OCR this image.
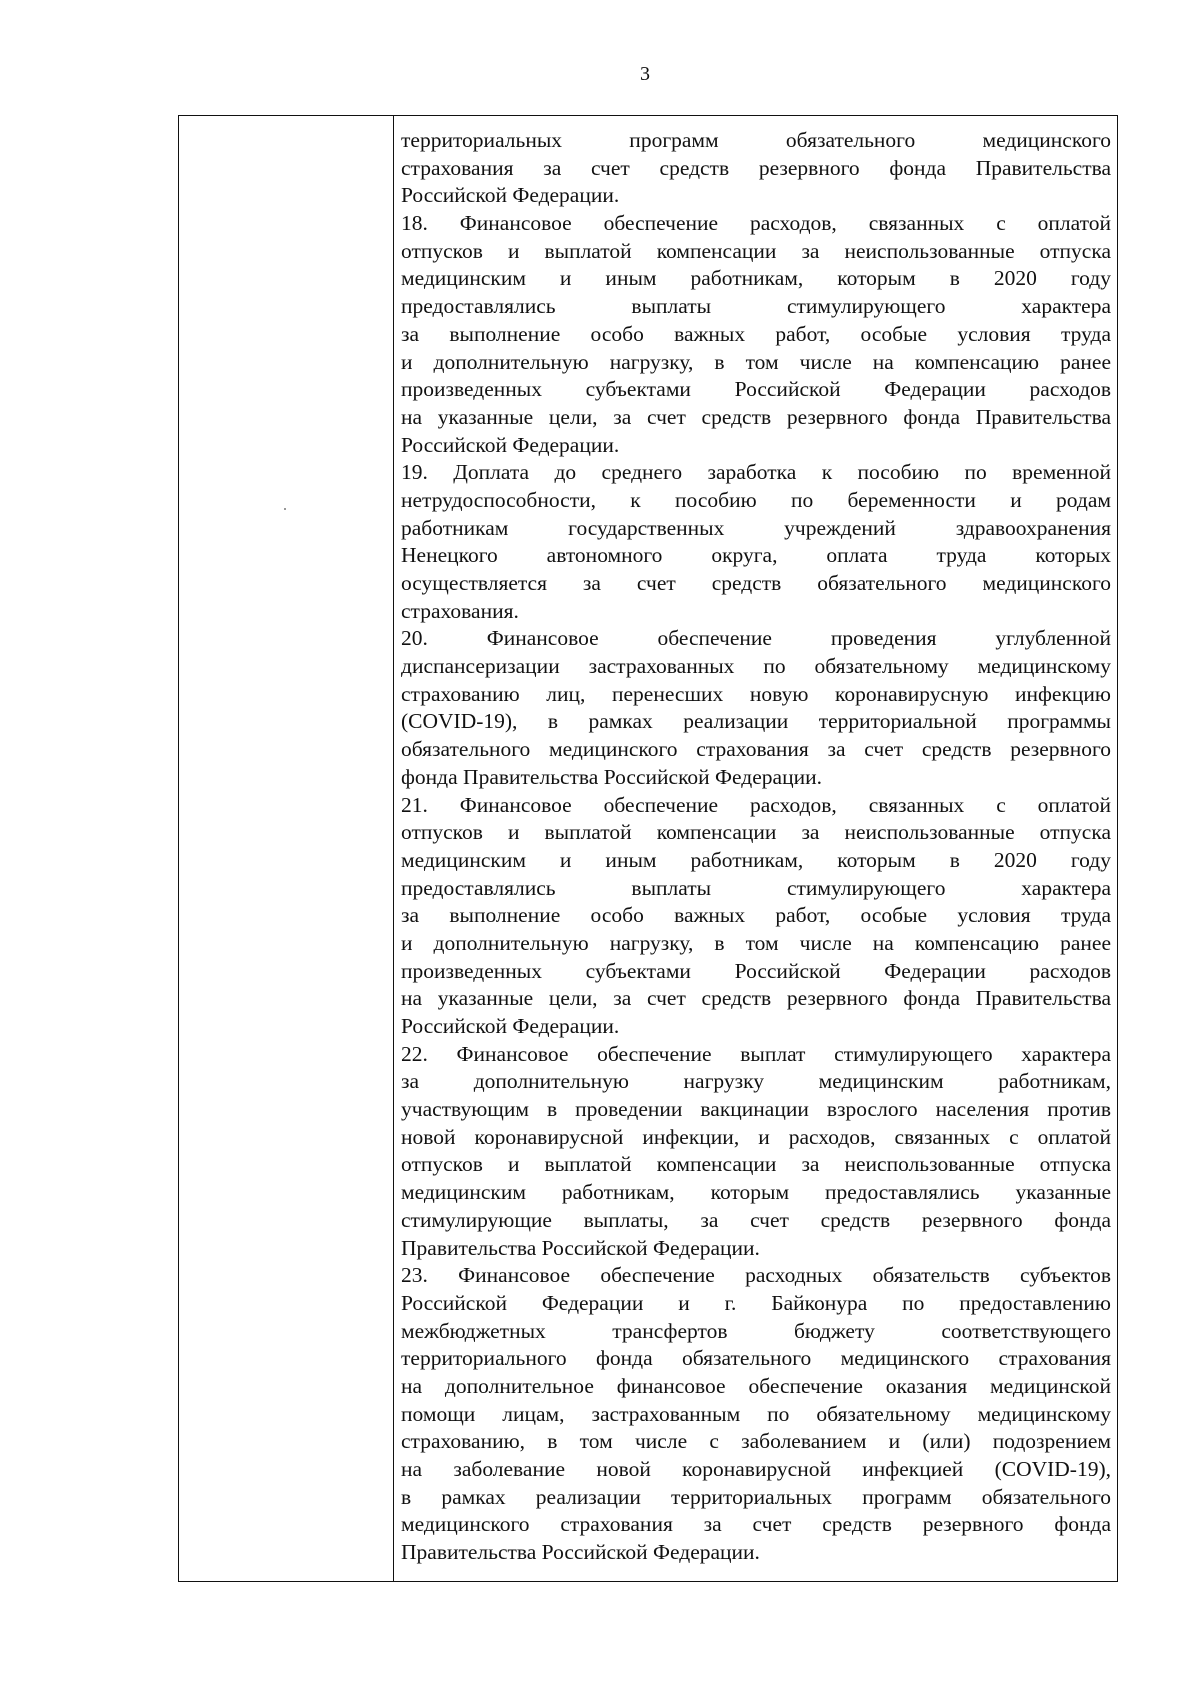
3
территориальных программ обязательного медицинского
страхования за счет средств резервного фонда Правительства
Российской Федерации.
18. Финансовое обеспечение расходов, связанных с оплатой
отпусков и выплатой компенсации за неиспользованные отпуска
медицинским и иным работникам, которым в 2020 году
предоставлялись выплаты стимулирующего характера
за выполнение особо важных работ, особые условия труда
и дополнительную нагрузку, в том числе на компенсацию ранее
произведенных субъектами Российской Федерации расходов
на указанные цели, за счет средств резервного фонда Правительства
Российской Федерации.
19. Доплата до среднего заработка к пособию по временной
нетрудоспособности, к пособию по беременности и родам
работникам государственных учреждений здравоохранения
Ненецкого автономного округа, оплата труда которых
осуществляется за счет средств обязательного медицинского
страхования.
20. Финансовое обеспечение проведения углубленной
диспансеризации застрахованных по обязательному медицинскому
страхованию лиц, перенесших новую коронавирусную инфекцию
(COVID-19), в рамках реализации территориальной программы
обязательного медицинского страхования за счет средств резервного
фонда Правительства Российской Федерации.
21. Финансовое обеспечение расходов, связанных с оплатой
отпусков и выплатой компенсации за неиспользованные отпуска
медицинским и иным работникам, которым в 2020 году
предоставлялись выплаты стимулирующего характера
за выполнение особо важных работ, особые условия труда
и дополнительную нагрузку, в том числе на компенсацию ранее
произведенных субъектами Российской Федерации расходов
на указанные цели, за счет средств резервного фонда Правительства
Российской Федерации.
22. Финансовое обеспечение выплат стимулирующего характера
за дополнительную нагрузку медицинским работникам,
участвующим в проведении вакцинации взрослого населения против
новой коронавирусной инфекции, и расходов, связанных с оплатой
отпусков и выплатой компенсации за неиспользованные отпуска
медицинским работникам, которым предоставлялись указанные
стимулирующие выплаты, за счет средств резервного фонда
Правительства Российской Федерации.
23. Финансовое обеспечение расходных обязательств субъектов
Российской Федерации и г. Байконура по предоставлению
межбюджетных трансфертов бюджету соответствующего
территориального фонда обязательного медицинского страхования
на дополнительное финансовое обеспечение оказания медицинской
помощи лицам, застрахованным по обязательному медицинскому
страхованию, в том числе с заболеванием и (или) подозрением
на заболевание новой коронавирусной инфекцией (COVID-19),
в рамках реализации территориальных программ обязательного
медицинского страхования за счет средств резервного фонда
Правительства Российской Федерации.
